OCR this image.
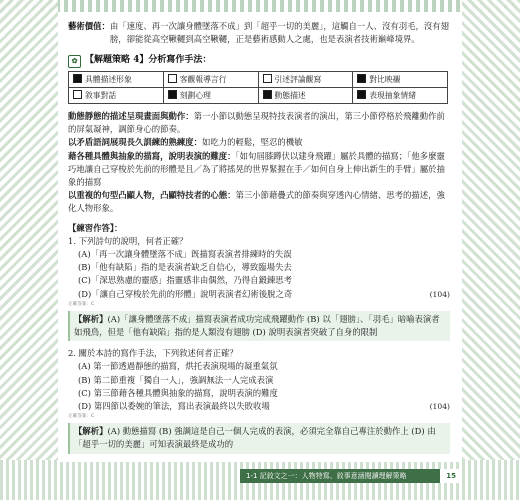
藝術價值： 由「速度、再一次讓身體墜落不成」到「超乎一切的美麗」，這觸自一人、沒有羽毛，沒有翅膀，卻能從高空鞦韆到高空鞦韆，正是藝術感動人之處，也是表演者技術巔峰境界。
✿ 【解題策略 4】分析寫作手法：
具體描述形象	客觀報導言行	引述評論觀寫	對比映襯
敘事對話	刻劃心理	動態描述	表現抽象情緒

動態靜態的描述呈現畫面與動作：第一小節以動態呈現特技表演者的演出，第三小節停格於飛離動作前的屏氣凝神，調節身心的節奏。

以矛盾語詞展現長久訓練的熟練度：如吃力的輕鬆，堅忍的機敏

藉各種具體與抽象的描寫，說明表演的難度：「如旬屆膝蹲伏以建身飛躍」屬於具體的描寫；「他多麼靈巧地讓自己穿梭於先前的形體是且／為了將搖晃的世界緊握在手／如何自身上伸出新生的手臂」屬於抽象的描寫

以重複的句型凸顯人物，凸顯特技者的心態：第三小節藉疊式的節奏與穿透內心情緒、思考的描述，強化人物形象。

【練習作答】：
1. 下列詩句的說明，何者正確？
(A)「再一次讓身體墜落不成」旣描寫表演者排練時的失誤
(B)「他有缺陷」指的是表演者缺乏自信心，導致臨場失去
(C)「深思熟慮的靈感」指靈感非由偶然，乃得自鍛鍊思考
(D)「讓自己穿梭於先前的形體」說明表演者幻術後脫之奇	(104)
正確答案：C
【解析】(A)「讓身體墜落不成」描寫表演者成功完成飛躍動作 (B) 以「翅膀」、「羽毛」暗喻表演者如飛鳥，但是「他有缺陷」指的是人類沒有翅膀 (D) 說明表演者突破了自身的限制
2. 關於本詩的寫作手法，下列敘述何者正確？
(A) 第一節透過靜態的描寫，烘托表演現場的凝重氣氛
(B) 第二節重複「獨自一人」，強調無法一人完成表演
(C) 第三節藉各種具體與抽象的描寫，說明表演的難度
(D) 第四節以委婉的筆法，寫出表演最終以失敗收場	(104)
正確答案：C
【解析】(A) 動態描寫 (B) 強調這是自己一個人完成的表演，必須完全靠自己專注於動作上 (D) 由「超乎一切的美麗」可知表演最終是成功的
1-1 記敘文之一：人物特寫、敘事意涵閱讀理解策略	15
